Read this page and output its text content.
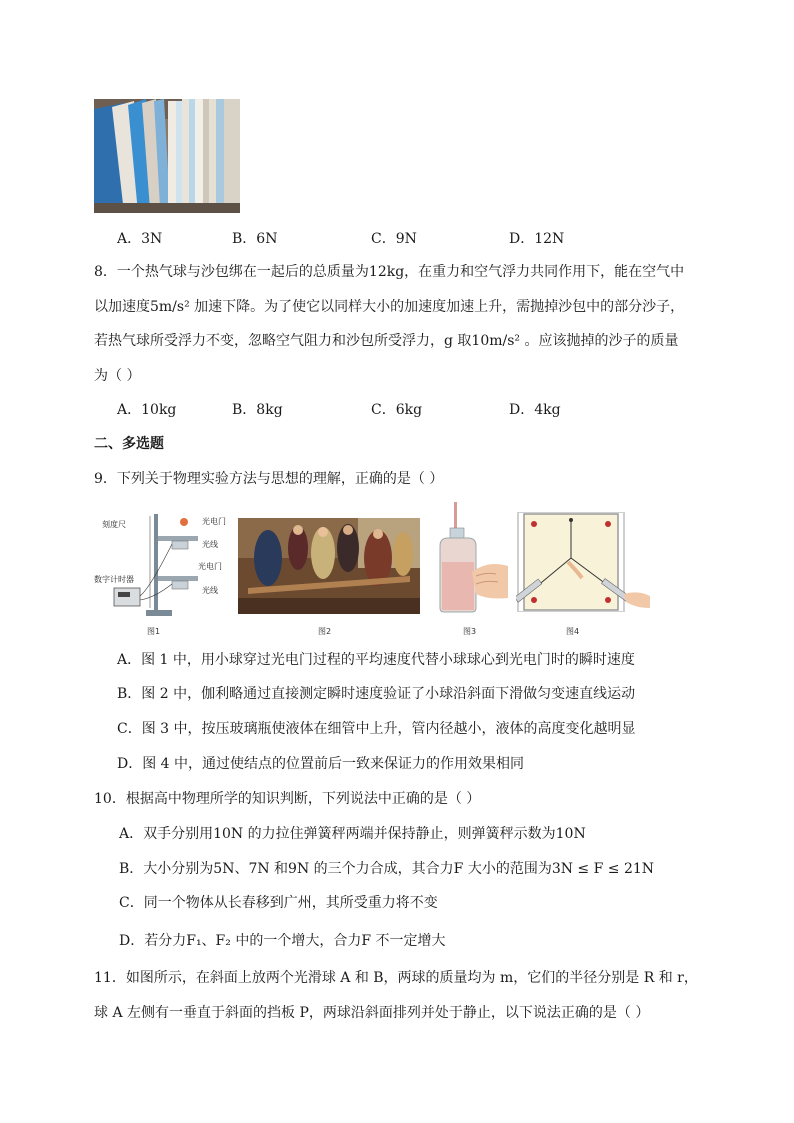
A．3N	B．6N	C．9N	D．12N
8．一个热气球与沙包绑在一起后的总质量为12kg，在重力和空气浮力共同作用下，能在空气中
以加速度5m/s² 加速下降。为了使它以同样大小的加速度加速上升，需抛掉沙包中的部分沙子，
若热气球所受浮力不变，忽略空气阻力和沙包所受浮力，g 取10m/s² 。应该抛掉的沙子的质量
为（ ）
A．10kg	B．8kg	C．6kg	D．4kg
二、多选题
9．下列关于物理实验方法与思想的理解，正确的是（ ）
刻度尺	光电门
光线
光电门
光线
数字计时器
图1	图2	图3	图4
A．图 1 中，用小球穿过光电门过程的平均速度代替小球球心到光电门时的瞬时速度
B．图 2 中，伽利略通过直接测定瞬时速度验证了小球沿斜面下滑做匀变速直线运动
C．图 3 中，按压玻璃瓶使液体在细管中上升，管内径越小，液体的高度变化越明显
D．图 4 中，通过使结点的位置前后一致来保证力的作用效果相同
10．根据高中物理所学的知识判断，下列说法中正确的是（ ）
A．双手分别用10N 的力拉住弹簧秤两端并保持静止，则弹簧秤示数为10N
B．大小分别为5N、7N 和9N 的三个力合成，其合力F 大小的范围为3N ≤ F ≤ 21N
C．同一个物体从长春移到广州，其所受重力将不变
D．若分力F₁、F₂ 中的一个增大，合力F 不一定增大
11．如图所示，在斜面上放两个光滑球 A 和 B，两球的质量均为 m，它们的半径分别是 R 和 r，
球 A 左侧有一垂直于斜面的挡板 P，两球沿斜面排列并处于静止，以下说法正确的是（ ）
